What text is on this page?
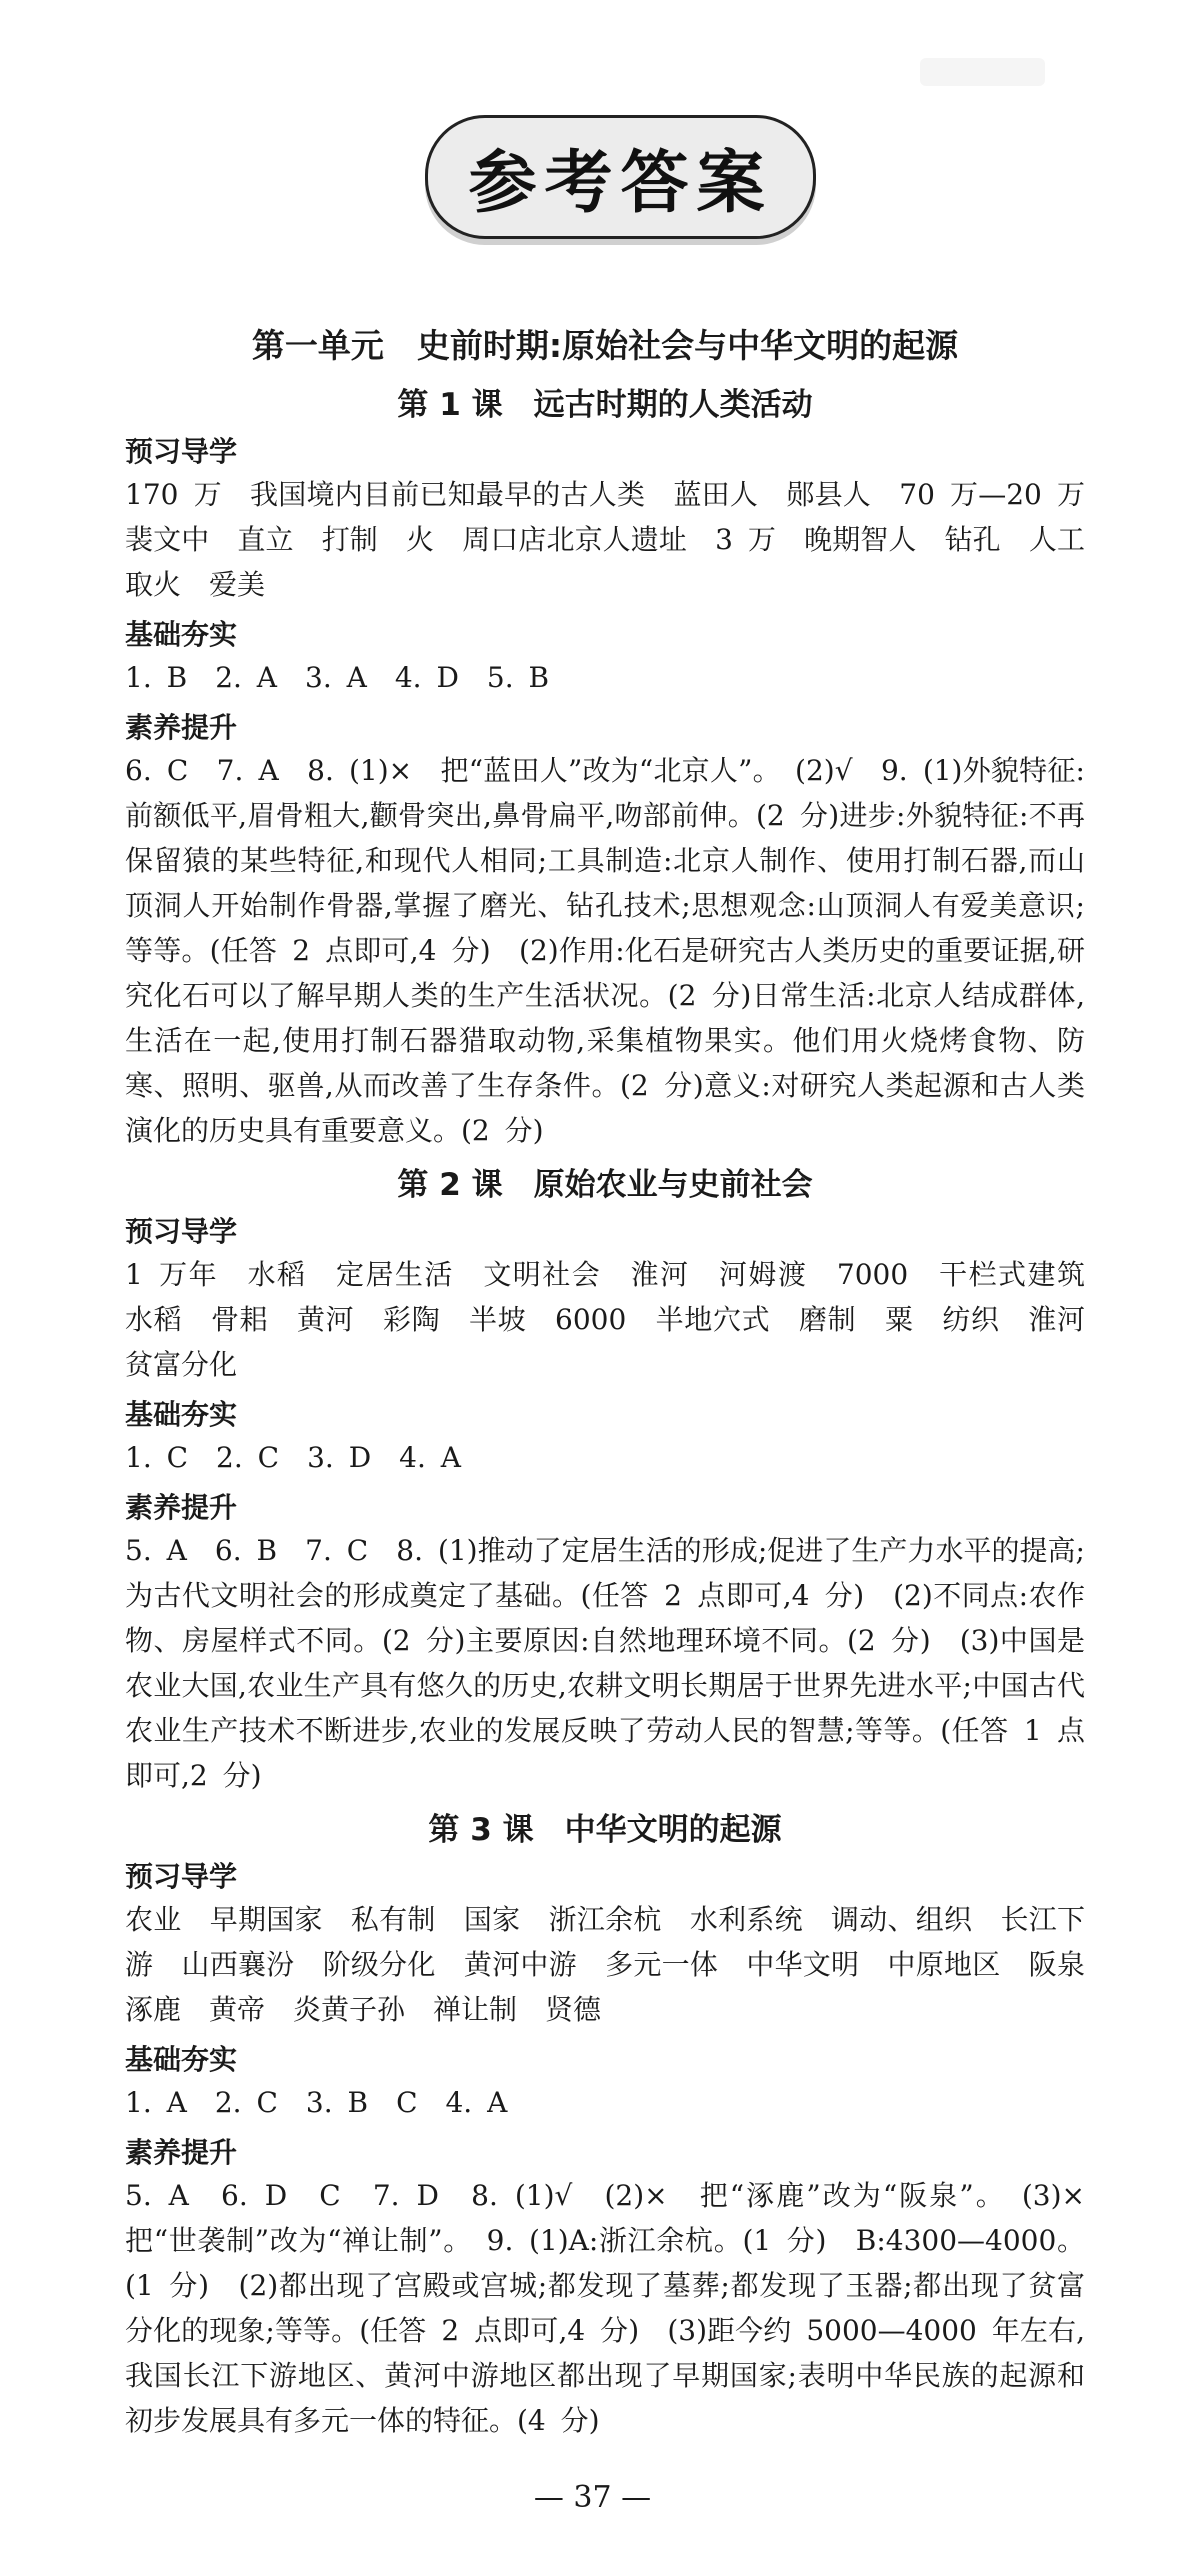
参考答案
第一单元　史前时期:原始社会与中华文明的起源
第 1 课　远古时期的人类活动
预习导学

170 万　我国境内目前已知最早的古人类　蓝田人　郧县人　70 万—20 万　裴文中　直立　打制　火　周口店北京人遗址　3 万　晚期智人　钻孔　人工取火　爱美

基础夯实

1. B　2. A　3. A　4. D　5. B

素养提升

6. C　7. A　8. (1)×　把“蓝田人”改为“北京人”。　(2)√　9. (1)外貌特征:前额低平,眉骨粗大,颧骨突出,鼻骨扁平,吻部前伸。(2 分)进步:外貌特征:不再保留猿的某些特征,和现代人相同;工具制造:北京人制作、使用打制石器,而山顶洞人开始制作骨器,掌握了磨光、钻孔技术;思想观念:山顶洞人有爱美意识;等等。(任答 2 点即可,4 分)　(2)作用:化石是研究古人类历史的重要证据,研究化石可以了解早期人类的生产生活状况。(2 分)日常生活:北京人结成群体,生活在一起,使用打制石器猎取动物,采集植物果实。他们用火烧烤食物、防寒、照明、驱兽,从而改善了生存条件。(2 分)意义:对研究人类起源和古人类演化的历史具有重要意义。(2 分)

第 2 课　原始农业与史前社会
预习导学

1 万年　水稻　定居生活　文明社会　淮河　河姆渡　7000　干栏式建筑　水稻　骨耜　黄河　彩陶　半坡　6000　半地穴式　磨制　粟　纺织　淮河　贫富分化

基础夯实

1. C　2. C　3. D　4. A

素养提升

5. A　6. B　7. C　8. (1)推动了定居生活的形成;促进了生产力水平的提高;为古代文明社会的形成奠定了基础。(任答 2 点即可,4 分)　(2)不同点:农作物、房屋样式不同。(2 分)主要原因:自然地理环境不同。(2 分)　(3)中国是农业大国,农业生产具有悠久的历史,农耕文明长期居于世界先进水平;中国古代农业生产技术不断进步,农业的发展反映了劳动人民的智慧;等等。(任答 1 点即可,2 分)

第 3 课　中华文明的起源
预习导学

农业　早期国家　私有制　国家　浙江余杭　水利系统　调动、组织　长江下游　山西襄汾　阶级分化　黄河中游　多元一体　中华文明　中原地区　阪泉　涿鹿　黄帝　炎黄子孙　禅让制　贤德

基础夯实

1. A　2. C　3. B　C　4. A

素养提升

5. A　6. D　C　7. D　8. (1)√　(2)×　把“涿鹿”改为“阪泉”。　(3)×　把“世袭制”改为“禅让制”。　9. (1)A:浙江余杭。(1 分)　B:4300—4000。(1 分)　(2)都出现了宫殿或宫城;都发现了墓葬;都发现了玉器;都出现了贫富分化的现象;等等。(任答 2 点即可,4 分)　(3)距今约 5000—4000 年左右,我国长江下游地区、黄河中游地区都出现了早期国家;表明中华民族的起源和初步发展具有多元一体的特征。(4 分)

— 37 —
